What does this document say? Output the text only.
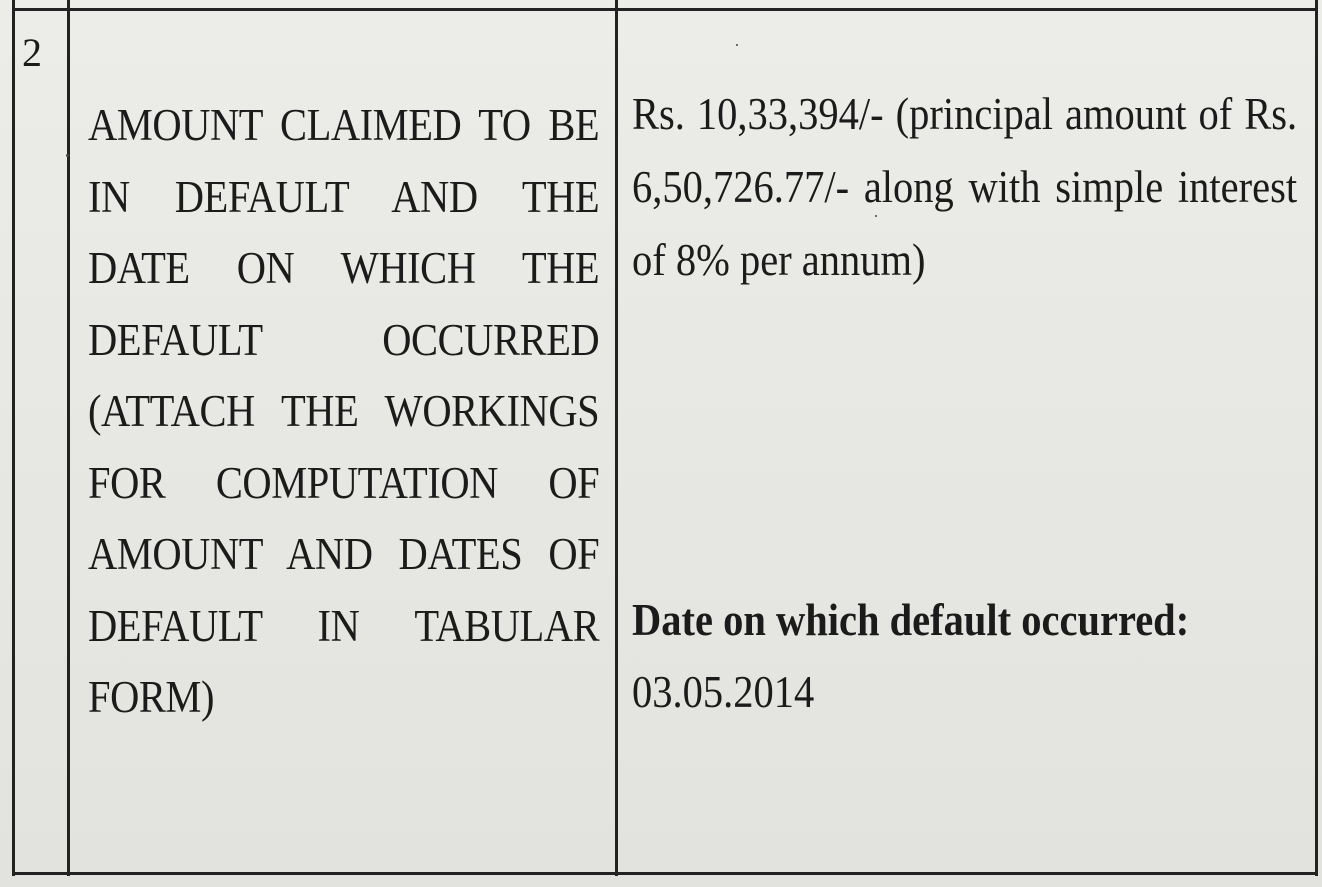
2
AMOUNT CLAIMED TO BE IN DEFAULT AND THE DATE ON WHICH THE DEFAULT OCCURRED (ATTACH THE WORKINGS FOR COMPUTATION OF AMOUNT AND DATES OF DEFAULT IN TABULAR FORM)
Rs. 10,33,394/- (principal amount of Rs. 6,50,726.77/- along with simple interest of 8% per annum)
Date on which default occurred:
03.05.2014
